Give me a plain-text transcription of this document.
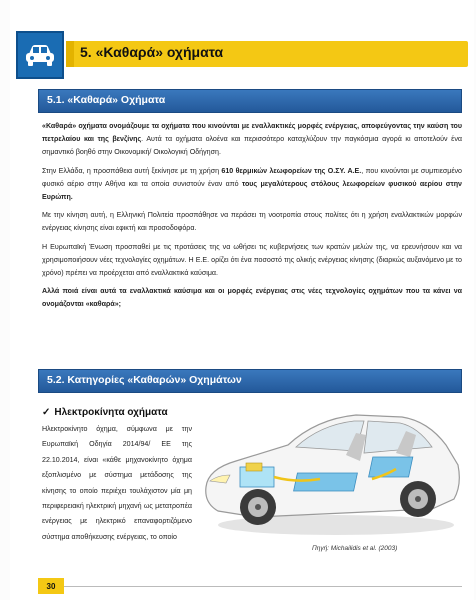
5. «Καθαρά» οχήματα
5.1. «Καθαρά» Οχήματα

«Καθαρά» οχήματα ονομάζουμε τα οχήματα που κινούνται με εναλλακτικές μορφές ενέργειας, αποφεύγοντας την καύση του πετρελαίου και της βενζίνης. Αυτά τα οχήματα ολοένα και περισσότερο καταχλύζουν την παγκόσμια αγορά κι αποτελούν ένα σημαντικό βοηθό στην Οικονομική/ Οικολογική Οδήγηση.

Στην Ελλάδα, η προσπάθεια αυτή ξεκίνησε με τη χρήση 610 θερμικών λεωφορείων της Ο.ΣΥ. Α.Ε., που κινούνται με συμπιεσμένο φυσικό αέριο στην Αθήνα και τα οποία συνιστούν έναν από τους μεγαλύτερους στόλους λεωφορείων φυσικού αερίου στην Ευρώπη.

Με την κίνηση αυτή, η Ελληνική Πολιτεία προσπάθησε να περάσει τη νοοτροπία στους πολίτες ότι η χρήση εναλλακτικών μορφών ενέργειας κίνησης είναι εφικτή και προσοδοφόρα.

Η Ευρωπαϊκή Ένωση προσπαθεί με τις προτάσεις της να ωθήσει τις κυβερνήσεις των κρατών μελών της, να ερευνήσουν και να χρησιμοποιήσουν νέες τεχνολογίες οχημάτων. Η Ε.Ε. ορίζει ότι ένα ποσοστό της ολικής ενέργειας κίνησης (διαρκώς αυξανόμενο με το χρόνο) πρέπει να προέρχεται από εναλλακτικά καύσιμα.

Αλλά ποιά είναι αυτά τα εναλλακτικά καύσιμα και οι μορφές ενέργειας στις νέες τεχνολογίες οχημάτων που τα κάνει να ονομάζονται «καθαρά»;

5.2. Κατηγορίες «Καθαρών» Οχημάτων
✓ Ηλεκτροκίνητα οχήματα
Ηλεκτροκίνητο όχημα, σύμφωνα με την Ευρωπαϊκή Οδηγία 2014/94/ ΕΕ της 22.10.2014, είναι «κάθε μηχανοκίνητο όχημα εξοπλισμένο με σύστημα μετάδοσης της κίνησης το οποίο περιέχει τουλάχιστον μία μη περιφερειακή ηλεκτρική μηχανή ως μετατροπέα ενέργειας με ηλεκτρικό επαναφορτιζόμενο σύστημα αποθήκευσης ενέργειας, το οποίο
Πηγή: Michailidis et al. (2003)
30
